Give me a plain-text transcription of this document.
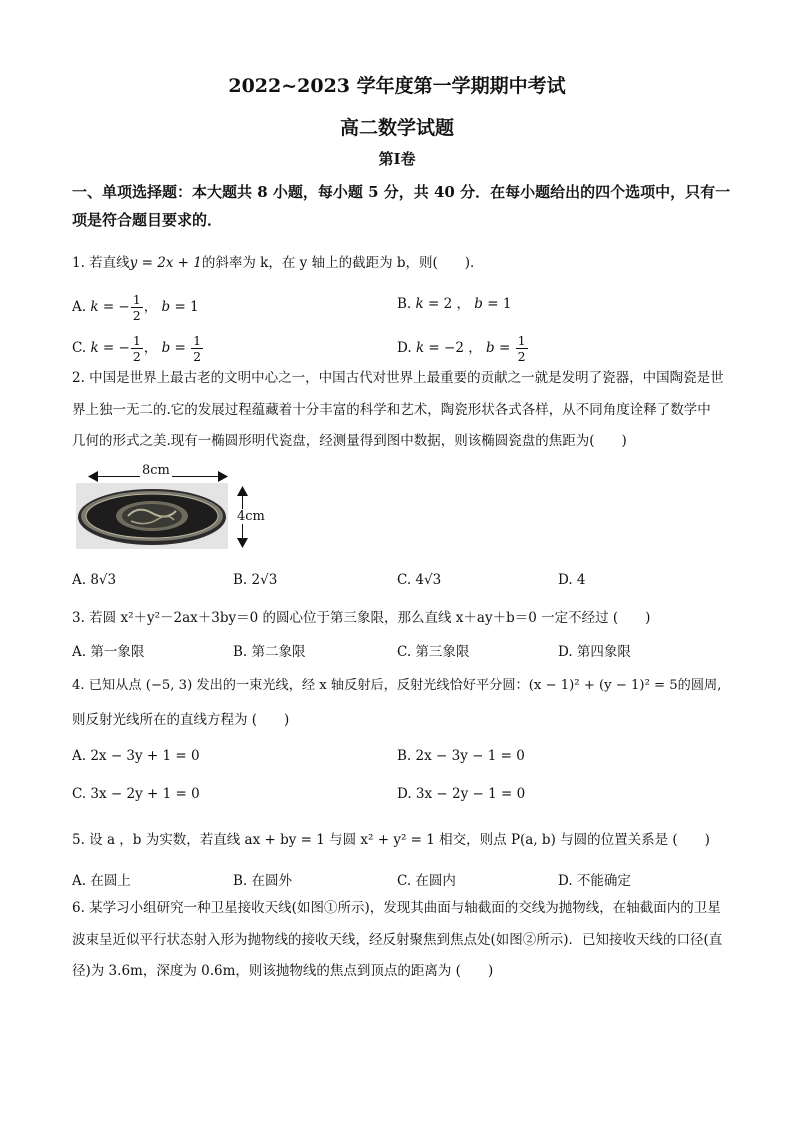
2022~2023 学年度第一学期期中考试
高二数学试题
第Ⅰ卷
一、单项选择题：本大题共 8 小题，每小题 5 分，共 40 分．在每小题给出的四个选项中，只有一项是符合题目要求的．
1. 若直线y = 2x + 1的斜率为 k，在 y 轴上的截距为 b，则(　　)．
A. k = − $\frac{1}{2}$ ， b = 1	B. k = 2 ， b = 1
C. k = − $\frac{1}{2}$ ， $b = \frac{1}{2}$	D. k = −2 ， $b = \frac{1}{2}$
2. 中国是世界上最古老的文明中心之一，中国古代对世界上最重要的贡献之一就是发明了瓷器，中国陶瓷是世界上独一无二的.它的发展过程蕴藏着十分丰富的科学和艺术，陶瓷形状各式各样，从不同角度诠释了数学中几何的形式之美.现有一椭圆形明代瓷盘，经测量得到图中数据，则该椭圆瓷盘的焦距为(　　)
8cm
4cm
A. 8√3	B. 2√3	C. 4√3	D. 4
3. 若圆 x²＋y²－2ax＋3by＝0 的圆心位于第三象限，那么直线 x＋ay＋b＝0 一定不经过 (　　)
A. 第一象限	B. 第二象限	C. 第三象限	D. 第四象限
4. 已知从点 (−5, 3) 发出的一束光线，经 x 轴反射后，反射光线恰好平分圆：(x − 1)² + (y − 1)² = 5的圆周,
则反射光线所在的直线方程为 (　　)
A. 2x − 3y + 1 = 0	B. 2x − 3y − 1 = 0
C. 3x − 2y + 1 = 0	D. 3x − 2y − 1 = 0
5. 设 a ，b 为实数，若直线 ax + by = 1 与圆 x² + y² = 1 相交，则点 P(a, b) 与圆的位置关系是 (　　)
A. 在圆上	B. 在圆外	C. 在圆内	D. 不能确定
6. 某学习小组研究一种卫星接收天线(如图①所示)，发现其曲面与轴截面的交线为抛物线，在轴截面内的卫星波束呈近似平行状态射入形为抛物线的接收天线，经反射聚焦到焦点处(如图②所示)．已知接收天线的口径(直径)为 3.6m，深度为 0.6m，则该抛物线的焦点到顶点的距离为 (　　)
